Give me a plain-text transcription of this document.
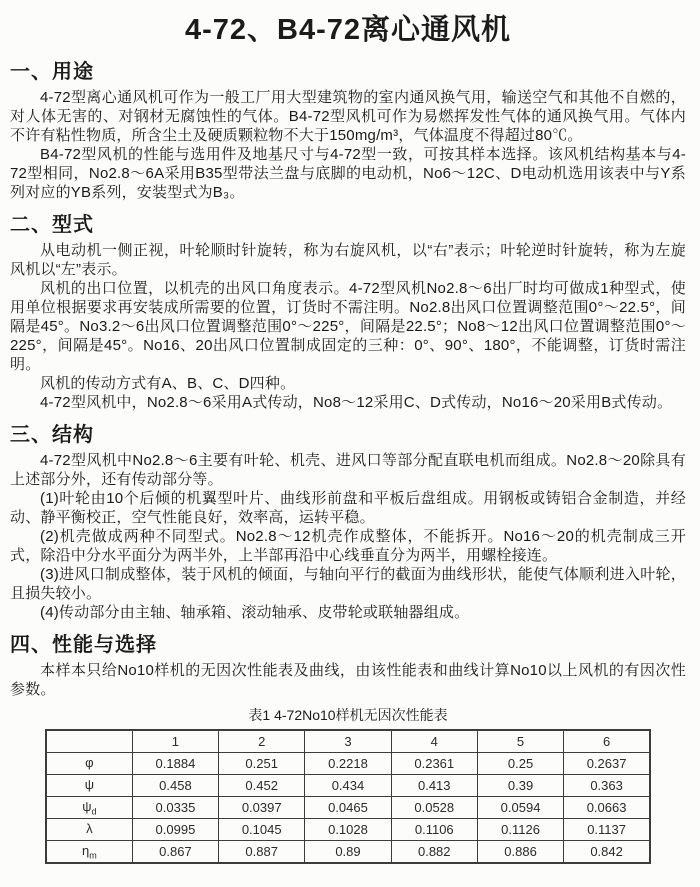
4-72、B4-72离心通风机
一、用途

4-72型离心通风机可作为一般工厂用大型建筑物的室内通风换气用，输送空气和其他不自燃的，对人体无害的、对钢材无腐蚀性的气体。B4-72型风机可作为易燃挥发性气体的通风换气用。气体内不许有粘性物质，所含尘土及硬质颗粒物不大于150mg/m³，气体温度不得超过80℃。

B4-72型风机的性能与选用件及地基尺寸与4-72型一致，可按其样本选择。该风机结构基本与4-72型相同，No2.8～6A采用B35型带法兰盘与底脚的电动机，No6～12C、D电动机选用该表中与Y系列对应的YB系列，安装型式为B₃。

二、型式

从电动机一侧正视，叶轮顺时针旋转，称为右旋风机，以“右”表示；叶轮逆时针旋转，称为左旋风机以“左”表示。

风机的出口位置，以机壳的出风口角度表示。4-72型风机No2.8～6出厂时均可做成1种型式，使用单位根据要求再安装成所需要的位置，订货时不需注明。No2.8出风口位置调整范围0°～22.5°，间隔是45°。No3.2～6出风口位置调整范围0°～225°，间隔是22.5°；No8～12出风口位置调整范围0°～225°，间隔是45°。No16、20出风口位置制成固定的三种：0°、90°、180°，不能调整，订货时需注明。

风机的传动方式有A、B、C、D四种。

4-72型风机中，No2.8～6采用A式传动，No8～12采用C、D式传动，No16～20采用B式传动。

三、结构

4-72型风机中No2.8～6主要有叶轮、机壳、进风口等部分配直联电机而组成。No2.8～20除具有上述部分外，还有传动部分等。

(1)叶轮由10个后倾的机翼型叶片、曲线形前盘和平板后盘组成。用钢板或铸铝合金制造，并经动、静平衡校正，空气性能良好，效率高，运转平稳。

(2)机壳做成两种不同型式。No2.8～12机壳作成整体，不能拆开。No16～20的机壳制成三开式，除沿中分水平面分为两半外，上半部再沿中心线垂直分为两半，用螺栓接连。

(3)进风口制成整体，装于风机的倾面，与轴向平行的截面为曲线形状，能使气体顺利进入叶轮，且损失较小。

(4)传动部分由主轴、轴承箱、滚动轴承、皮带轮或联轴器组成。

四、性能与选择

本样本只给No10样机的无因次性能表及曲线，由该性能表和曲线计算No10以上风机的有因次性参数。

表1 4-72No10样机无因次性能表

	1	2	3	4	5	6
φ	0.1884	0.251	0.2218	0.2361	0.25	0.2637
ψ	0.458	0.452	0.434	0.413	0.39	0.363
$\psi_d$	0.0335	0.0397	0.0465	0.0528	0.0594	0.0663
λ	0.0995	0.1045	0.1028	0.1106	0.1126	0.1137
$\eta_m$	0.867	0.887	0.89	0.882	0.886	0.842
